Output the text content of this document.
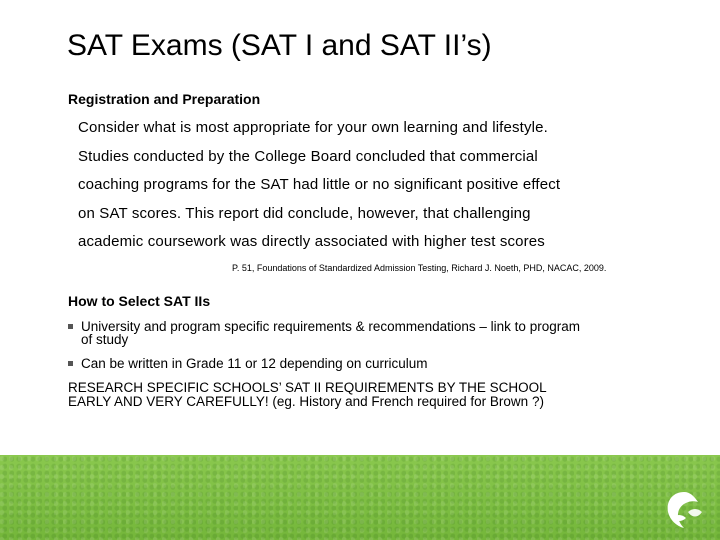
SAT Exams (SAT I and SAT II’s)
Registration and Preparation

Consider what is most appropriate for your own learning and lifestyle.
Studies conducted by the College Board concluded that commercial
coaching programs for the SAT had little or no significant positive effect
on SAT scores. This report did conclude, however, that challenging
academic coursework was directly associated with higher test scores

P. 51, Foundations of Standardized Admission Testing, Richard J. Noeth, PHD, NACAC, 2009.

How to Select SAT IIs

University and program specific requirements & recommendations – link to program
of study

Can be written in Grade 11 or 12 depending on curriculum

RESEARCH SPECIFIC SCHOOLS’ SAT II REQUIREMENTS BY THE SCHOOL
EARLY AND VERY CAREFULLY! (eg. History and French required for Brown ?)
